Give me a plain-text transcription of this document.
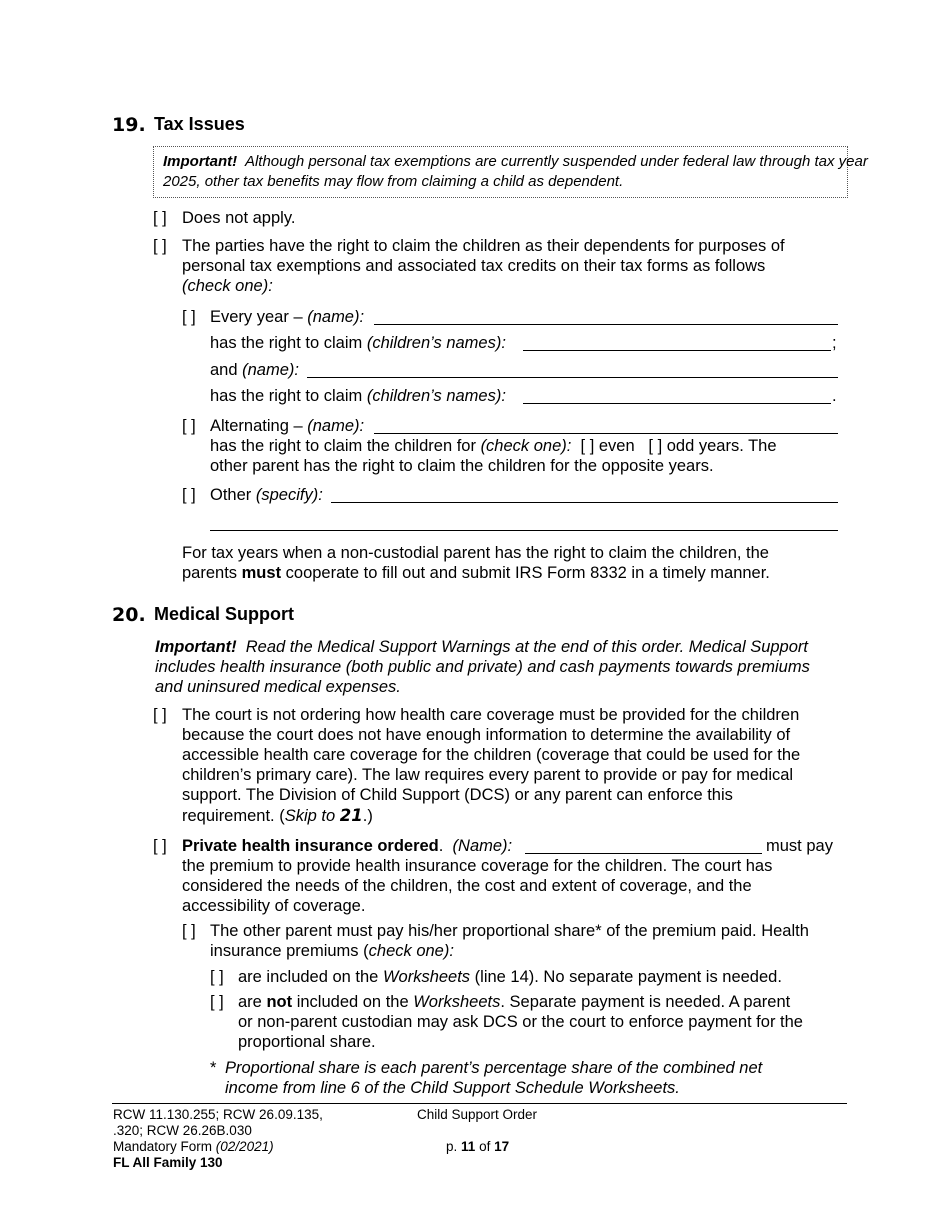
19. Tax Issues
Important! Although personal tax exemptions are currently suspended under federal law through tax year
2025, other tax benefits may flow from claiming a child as dependent.
[ ] Does not apply.
[ ] The parties have the right to claim the children as their dependents for purposes of
personal tax exemptions and associated tax credits on their tax forms as follows
(check one):
[ ] Every year – (name):
has the right to claim (children’s names):	;
and (name):
has the right to claim (children’s names):	.
[ ] Alternating – (name):
has the right to claim the children for (check one): [ ] even [ ] odd years. The
other parent has the right to claim the children for the opposite years.
[ ] Other (specify):
For tax years when a non-custodial parent has the right to claim the children, the
parents must cooperate to fill out and submit IRS Form 8332 in a timely manner.
20. Medical Support
Important! Read the Medical Support Warnings at the end of this order. Medical Support
includes health insurance (both public and private) and cash payments towards premiums
and uninsured medical expenses.
[ ] The court is not ordering how health care coverage must be provided for the children
because the court does not have enough information to determine the availability of
accessible health care coverage for the children (coverage that could be used for the
children’s primary care). The law requires every parent to provide or pay for medical
support. The Division of Child Support (DCS) or any parent can enforce this
requirement. (Skip to 21.)
[ ] Private health insurance ordered. (Name):	must pay
the premium to provide health insurance coverage for the children. The court has
considered the needs of the children, the cost and extent of coverage, and the
accessibility of coverage.
[ ] The other parent must pay his/her proportional share* of the premium paid. Health
insurance premiums (check one):
[ ] are included on the Worksheets (line 14). No separate payment is needed.
[ ] are not included on the Worksheets. Separate payment is needed. A parent
or non-parent custodian may ask DCS or the court to enforce payment for the
proportional share.
* Proportional share is each parent’s percentage share of the combined net
income from line 6 of the Child Support Schedule Worksheets.
RCW 11.130.255; RCW 26.09.135,
.320; RCW 26.26B.030
Mandatory Form (02/2021)
FL All Family 130
Child Support Order
p. 11 of 17
